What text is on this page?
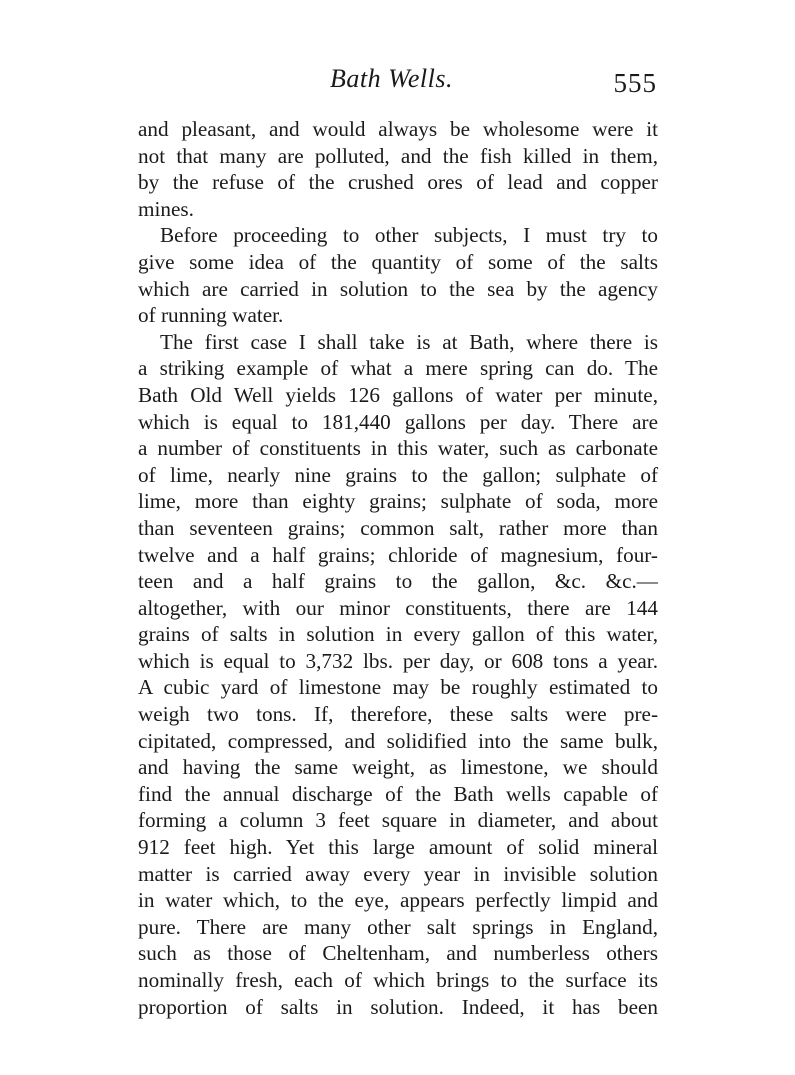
Bath Wells.	555
and pleasant, and would always be wholesome were it
not that many are polluted, and the fish killed in them,
by the refuse of the crushed ores of lead and copper
mines.
Before proceeding to other subjects, I must try to
give some idea of the quantity of some of the salts
which are carried in solution to the sea by the agency
of running water.
The first case I shall take is at Bath, where there is
a striking example of what a mere spring can do. The
Bath Old Well yields 126 gallons of water per minute,
which is equal to 181,440 gallons per day. There are
a number of constituents in this water, such as carbonate
of lime, nearly nine grains to the gallon; sulphate of
lime, more than eighty grains; sulphate of soda, more
than seventeen grains; common salt, rather more than
twelve and a half grains; chloride of magnesium, four-
teen and a half grains to the gallon, &c. &c.—
altogether, with our minor constituents, there are 144
grains of salts in solution in every gallon of this water,
which is equal to 3,732 lbs. per day, or 608 tons a year.
A cubic yard of limestone may be roughly estimated to
weigh two tons. If, therefore, these salts were pre-
cipitated, compressed, and solidified into the same bulk,
and having the same weight, as limestone, we should
find the annual discharge of the Bath wells capable of
forming a column 3 feet square in diameter, and about
912 feet high. Yet this large amount of solid mineral
matter is carried away every year in invisible solution
in water which, to the eye, appears perfectly limpid and
pure. There are many other salt springs in England,
such as those of Cheltenham, and numberless others
nominally fresh, each of which brings to the surface its
proportion of salts in solution. Indeed, it has been
